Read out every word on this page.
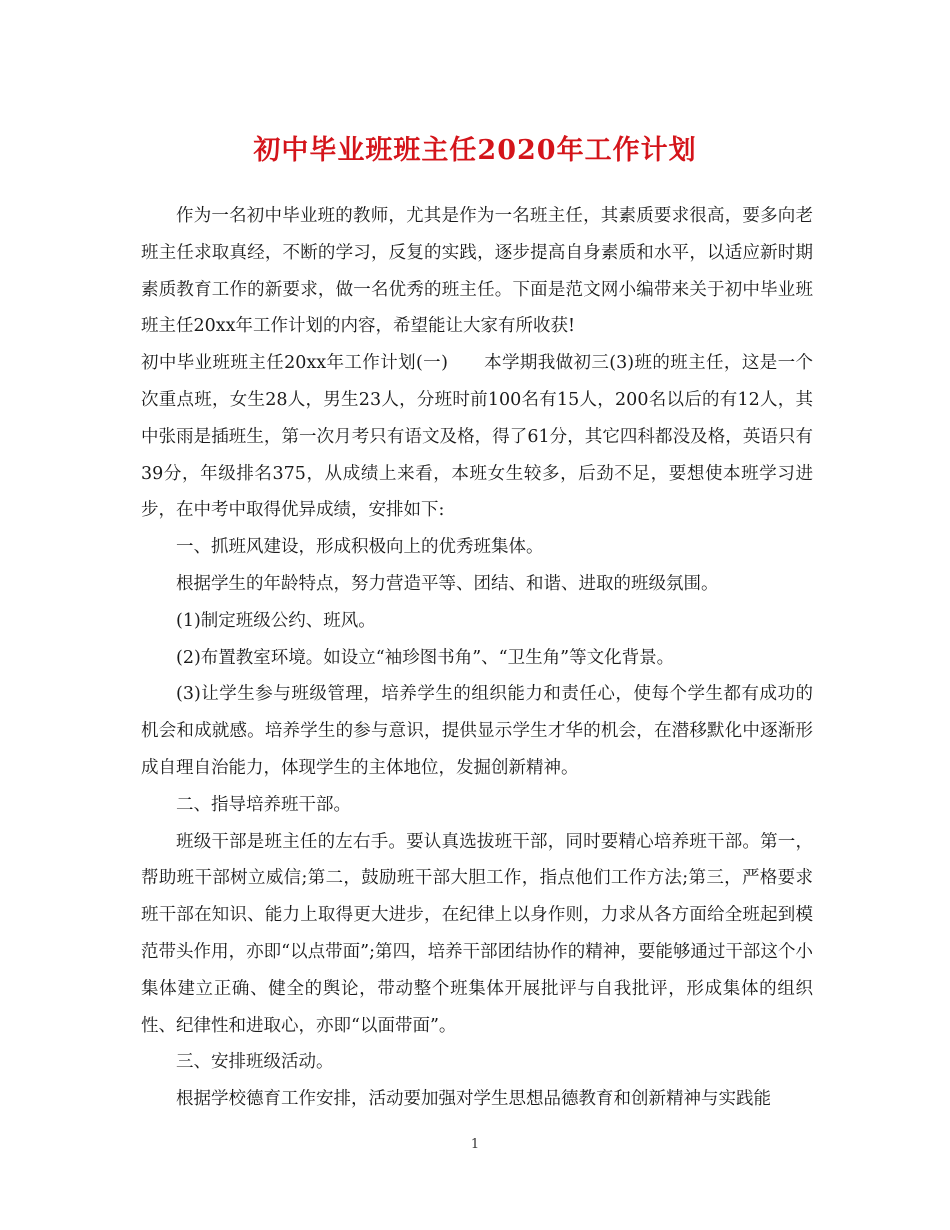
初中毕业班班主任2020年工作计划

作为一名初中毕业班的教师，尤其是作为一名班主任，其素质要求很高，要多向老班主任求取真经，不断的学习，反复的实践，逐步提高自身素质和水平，以适应新时期素质教育工作的新要求，做一名优秀的班主任。下面是范文网小编带来关于初中毕业班班主任20xx年工作计划的内容，希望能让大家有所收获!

初中毕业班班主任20xx年工作计划(一)　　本学期我做初三(3)班的班主任，这是一个次重点班，女生28人，男生23人，分班时前100名有15人，200名以后的有12人，其中张雨是插班生，第一次月考只有语文及格，得了61分，其它四科都没及格，英语只有39分，年级排名375，从成绩上来看，本班女生较多，后劲不足，要想使本班学习进步，在中考中取得优异成绩，安排如下:

一、抓班风建设，形成积极向上的优秀班集体。

根据学生的年龄特点，努力营造平等、团结、和谐、进取的班级氛围。

(1)制定班级公约、班风。

(2)布置教室环境。如设立“袖珍图书角”、“卫生角”等文化背景。

(3)让学生参与班级管理，培养学生的组织能力和责任心，使每个学生都有成功的机会和成就感。培养学生的参与意识，提供显示学生才华的机会，在潜移默化中逐渐形成自理自治能力，体现学生的主体地位，发掘创新精神。

二、指导培养班干部。

班级干部是班主任的左右手。要认真选拔班干部，同时要精心培养班干部。第一，帮助班干部树立威信;第二，鼓励班干部大胆工作，指点他们工作方法;第三，严格要求班干部在知识、能力上取得更大进步，在纪律上以身作则，力求从各方面给全班起到模范带头作用，亦即“以点带面”;第四，培养干部团结协作的精神，要能够通过干部这个小集体建立正确、健全的舆论，带动整个班集体开展批评与自我批评，形成集体的组织性、纪律性和进取心，亦即“以面带面”。

三、安排班级活动。

根据学校德育工作安排，活动要加强对学生思想品德教育和创新精神与实践能

1
